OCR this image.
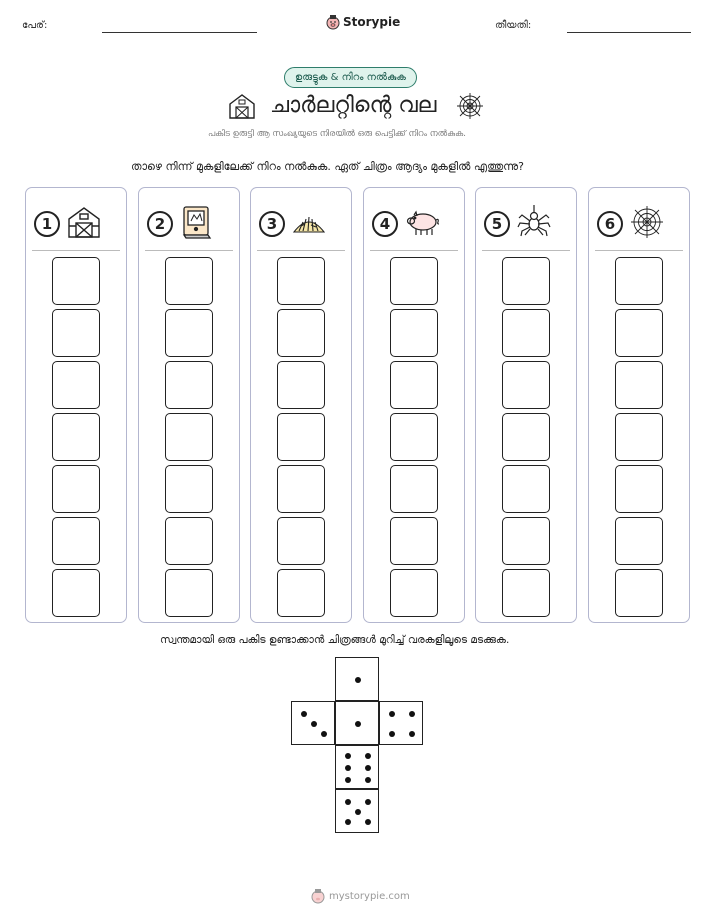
പേര്:	Storypie	തീയതി:
ഉരുട്ടുക & നിറം നൽകുക
ചാർലറ്റിന്റെ വല
പകിട ഉരുട്ടി ആ സംഖ്യയുടെ നിരയിൽ ഒരു പെട്ടിക്ക് നിറം നൽകുക.
താഴെ നിന്ന് മുകളിലേക്ക് നിറം നൽകുക. ഏത് ചിത്രം ആദ്യം മുകളിൽ എത്തുന്നു?
1	2	3	4	5	6
സ്വന്തമായി ഒരു പകിട ഉണ്ടാക്കാൻ ചിത്രങ്ങൾ മുറിച്ച് വരകളിലൂടെ മടക്കുക.
mystorypie.com
